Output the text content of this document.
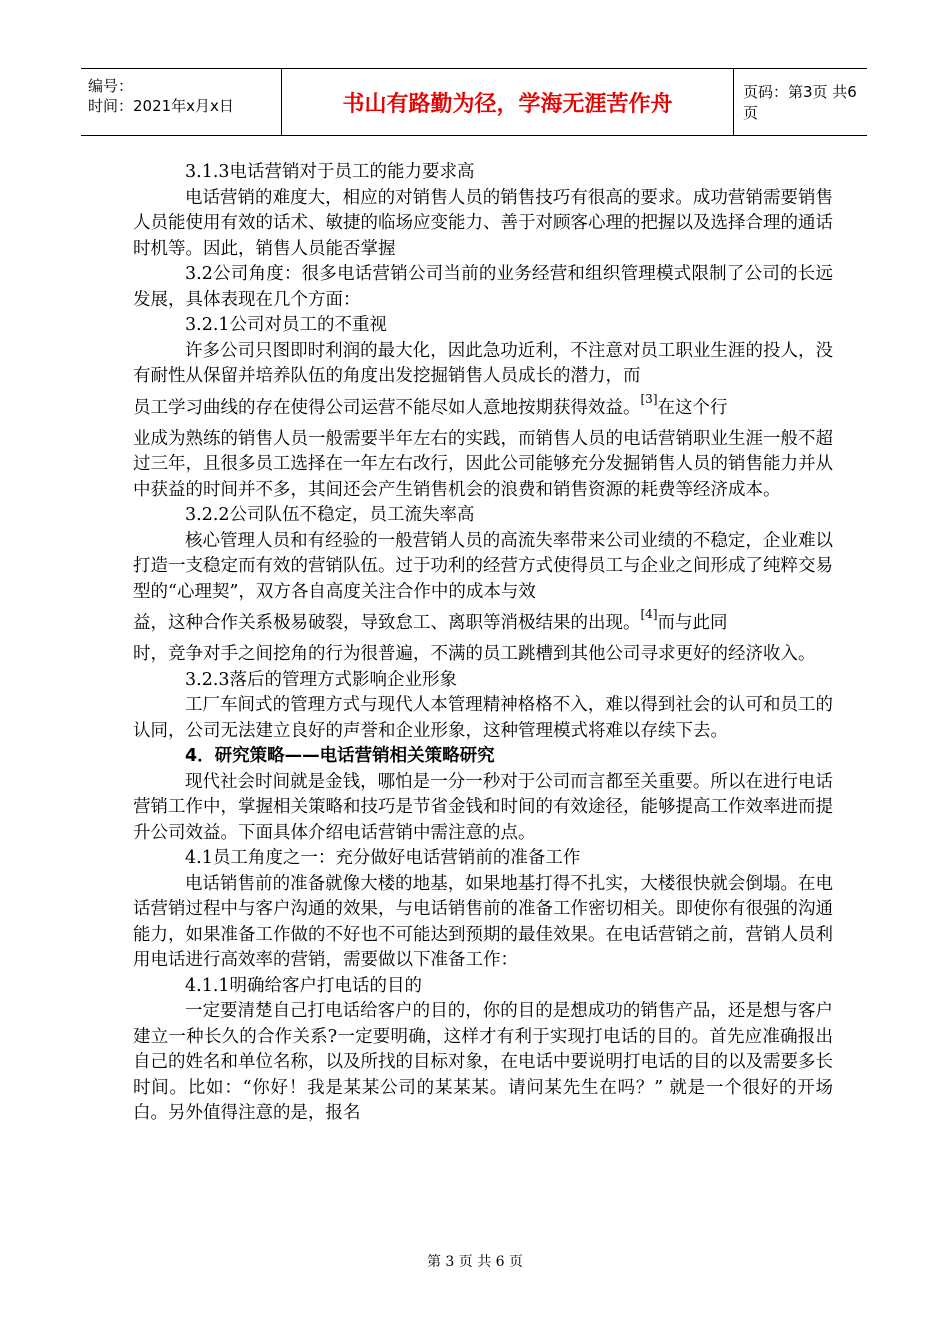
编号：
时间：2021年x月x日	书山有路勤为径，学海无涯苦作舟	页码：第3页 共6页

3.1.3电话营销对于员工的能力要求高

电话营销的难度大，相应的对销售人员的销售技巧有很高的要求。成功营销需要销售人员能使用有效的话术、敏捷的临场应变能力、善于对顾客心理的把握以及选择合理的通话时机等。因此，销售人员能否掌握

3.2公司角度：很多电话营销公司当前的业务经营和组织管理模式限制了公司的长远发展，具体表现在几个方面：

3.2.1公司对员工的不重视

许多公司只图即时利润的最大化，因此急功近利，不注意对员工职业生涯的投人，没有耐性从保留并培养队伍的角度出发挖掘销售人员成长的潜力，而

员工学习曲线的存在使得公司运营不能尽如人意地按期获得效益。[3]在这个行

业成为熟练的销售人员一般需要半年左右的实践，而销售人员的电话营销职业生涯一般不超过三年，且很多员工选择在一年左右改行，因此公司能够充分发掘销售人员的销售能力并从中获益的时间并不多，其间还会产生销售机会的浪费和销售资源的耗费等经济成本。

3.2.2公司队伍不稳定，员工流失率高

核心管理人员和有经验的一般营销人员的高流失率带来公司业绩的不稳定，企业难以打造一支稳定而有效的营销队伍。过于功利的经营方式使得员工与企业之间形成了纯粹交易型的“心理契”，双方各自高度关注合作中的成本与效

益，这种合作关系极易破裂，导致怠工、离职等消极结果的出现。[4]而与此同

时，竞争对手之间挖角的行为很普遍，不满的员工跳槽到其他公司寻求更好的经济收入。

3.2.3落后的管理方式影响企业形象

工厂车间式的管理方式与现代人本管理精神格格不入，难以得到社会的认可和员工的认同，公司无法建立良好的声誉和企业形象，这种管理模式将难以存续下去。

4．研究策略——电话营销相关策略研究

现代社会时间就是金钱，哪怕是一分一秒对于公司而言都至关重要。所以在进行电话营销工作中，掌握相关策略和技巧是节省金钱和时间的有效途径，能够提高工作效率进而提升公司效益。下面具体介绍电话营销中需注意的点。

4.1员工角度之一：充分做好电话营销前的准备工作

电话销售前的准备就像大楼的地基，如果地基打得不扎实，大楼很快就会倒塌。在电话营销过程中与客户沟通的效果，与电话销售前的准备工作密切相关。即使你有很强的沟通能力，如果准备工作做的不好也不可能达到预期的最佳效果。在电话营销之前，营销人员利用电话进行高效率的营销，需要做以下准备工作：

4.1.1明确给客户打电话的目的

一定要清楚自己打电话给客户的目的，你的目的是想成功的销售产品，还是想与客户建立一种长久的合作关系?一定要明确，这样才有利于实现打电话的目的。首先应准确报出自己的姓名和单位名称，以及所找的目标对象，在电话中要说明打电话的目的以及需要多长时间。比如：“你好！我是某某公司的某某某。请问某先生在吗？” 就是一个很好的开场白。另外值得注意的是，报名

第 3 页 共 6 页
